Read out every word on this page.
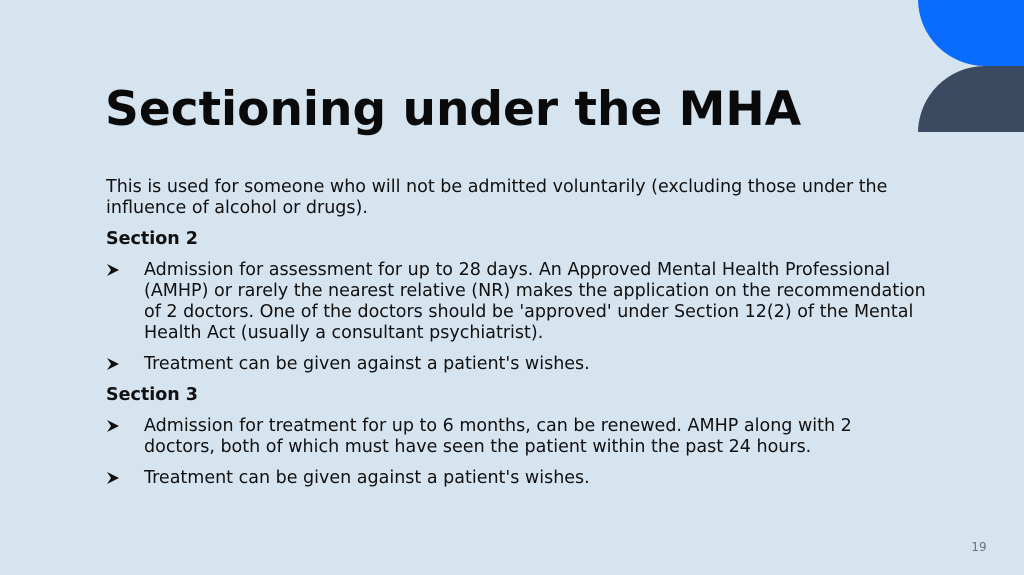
Sectioning under the MHA

This is used for someone who will not be admitted voluntarily (excluding those under the influence of alcohol or drugs).

Section 2

Admission for assessment for up to 28 days. An Approved Mental Health Professional (AMHP) or rarely the nearest relative (NR) makes the application on the recommendation of 2 doctors. One of the doctors should be 'approved' under Section 12(2) of the Mental Health Act (usually a consultant psychiatrist).
Treatment can be given against a patient's wishes.

Section 3

Admission for treatment for up to 6 months, can be renewed. AMHP along with 2 doctors, both of which must have seen the patient within the past 24 hours.
Treatment can be given against a patient's wishes.
19
